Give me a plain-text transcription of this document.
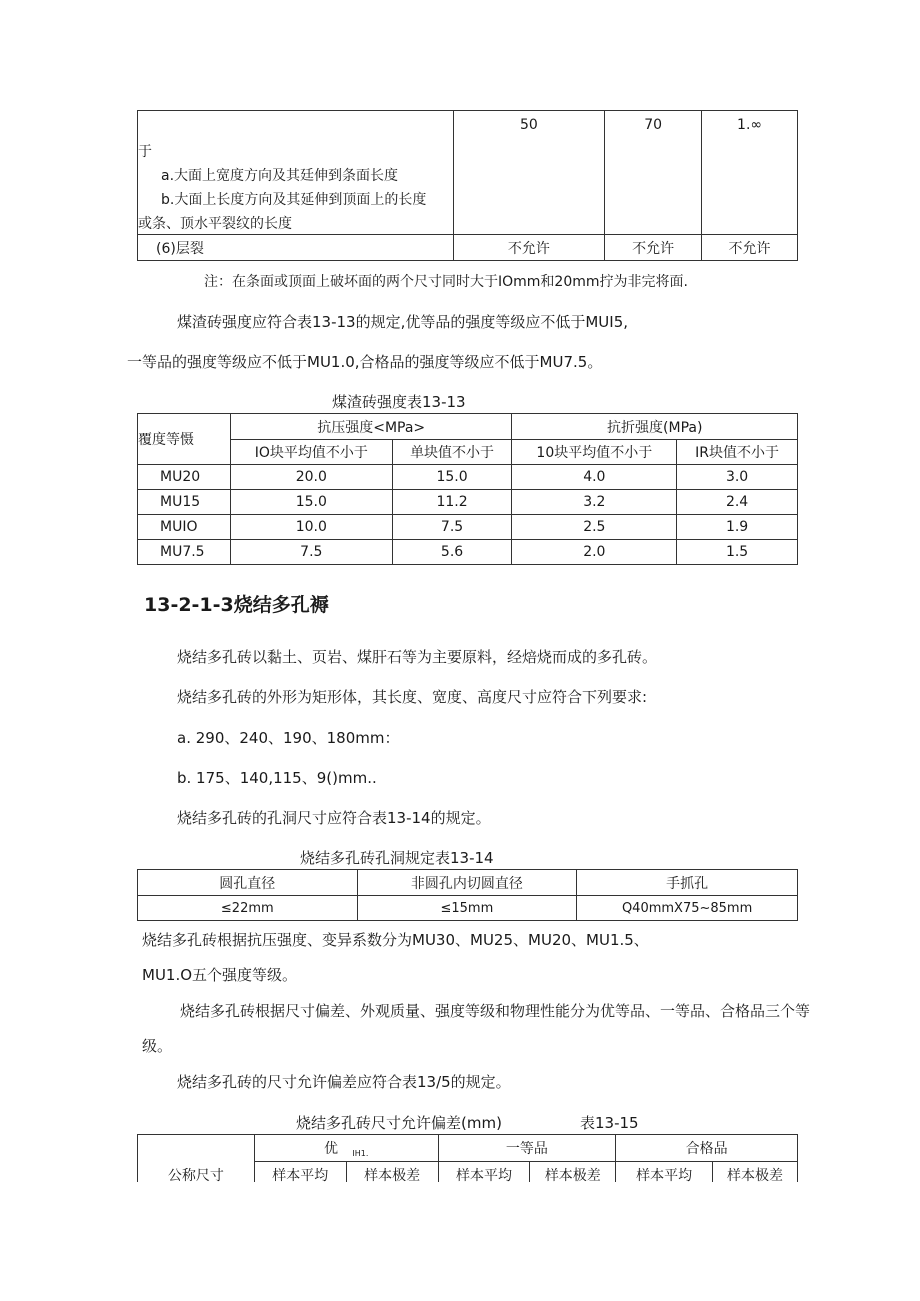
于
a.大面上宽度方向及其廷伸到条面长度
b.大面上长度方向及其延伸到顶面上的长度
或条、顶水平裂纹的长度	50	70	1.∞
(6)层裂	不允许	不允许	不允许
注：在条面或顶面上破坏面的两个尺寸同时大于IOmm和20mm拧为非完将面.
煤渣砖强度应符合表13-13的规定,优等品的强度等级应不低于MUI5,
一等品的强度等级应不低于MU1.0,合格品的强度等级应不低于MU7.5。
煤渣砖强度表13-13
覆度等慑	抗压强度<MPa>		抗折强度(MPa)	
	IO块平均值不小于	单块值不小于	10块平均值不小于	IR块值不小于
MU20	20.0	15.0	4.0	3.0
MU15	15.0	11.2	3.2	2.4
MUIO	10.0	7.5	2.5	1.9
MU7.5	7.5	5.6	2.0	1.5
13-2-1-3烧结多孔褥
烧结多孔砖以黏土、页岩、煤肝石等为主要原料，经焙烧而成的多孔砖。
烧结多孔砖的外形为矩形体，其长度、宽度、高度尺寸应符合下列要求:
a. 290、240、190、180mm：
b. 175、140,115、9()mm..
烧结多孔砖的孔洞尺寸应符合表13-14的规定。
烧结多孔砖孔洞规定表13-14
圆孔直径	非圆孔内切圆直径	手抓孔
≤22mm	≤15mm	Q40mmX75~85mm
烧结多孔砖根据抗压强度、变异系数分为MU30、MU25、MU20、MU1.5、
MU1.O五个强度等级。
烧结多孔砖根据尺寸偏差、外观质量、强度等级和物理性能分为优等品、一等品、合格品三个等
级。
烧结多孔砖的尺寸允许偏差应符合表13/5的规定。
烧结多孔砖尺寸允许偏差(mm)	表13-15
公称尺寸	优 $_{IH1.}$		一等品		合格品	
	样本平均	样本极差	样本平均	样本极差	样本平均	样本极差
